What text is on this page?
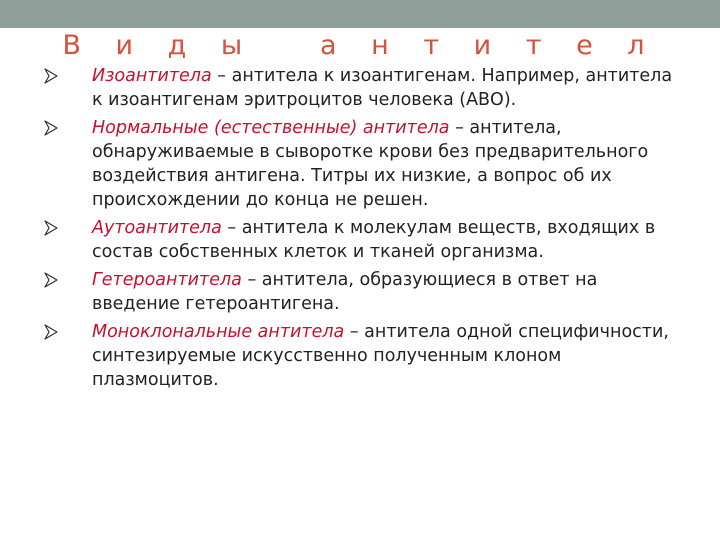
В и д ы   а н т и т е л
Изоантитела – антитела к изоантигенам. Например, антитела к изоантигенам эритроцитов человека (АВО).
Нормальные (естественные) антитела – антитела, обнаруживаемые в сыворотке крови без предварительного воздействия антигена. Титры их низкие, а вопрос об их происхождении до конца не решен.
Аутоантитела – антитела к молекулам веществ, входящих в состав собственных клеток и тканей организма.
Гетероантитела – антитела, образующиеся в ответ на введение гетероантигена.
Моноклональные антитела – антитела одной специфичности, синтезируемые искусственно полученным клоном плазмоцитов.
